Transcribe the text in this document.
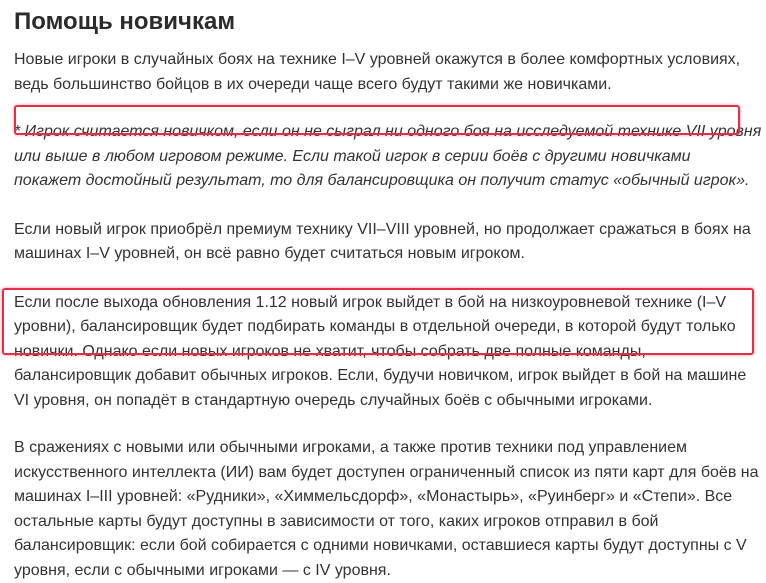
Помощь новичкам

Новые игроки в случайных боях на технике I–V уровней окажутся в более комфортных условиях, ведь большинство бойцов в их очереди чаще всего будут такими же новичками.

* Игрок считается новичком, если он не сыграл ни одного боя на исследуемой технике VII уровня или выше в любом игровом режиме. Если такой игрок в серии боёв с другими новичками покажет достойный результат, то для балансировщика он получит статус «обычный игрок».

Если новый игрок приобрёл премиум технику VII–VIII уровней, но продолжает сражаться в боях на машинах I–V уровней, он всё равно будет считаться новым игроком.

Если после выхода обновления 1.12 новый игрок выйдет в бой на низкоуровневой технике (I–V уровни), балансировщик будет подбирать команды в отдельной очереди, в которой будут только новички. Однако если новых игроков не хватит, чтобы собрать две полные команды, балансировщик добавит обычных игроков. Если, будучи новичком, игрок выйдет в бой на машине VI уровня, он попадёт в стандартную очередь случайных боёв с обычными игроками.

В сражениях с новыми или обычными игроками, а также против техники под управлением искусственного интеллекта (ИИ) вам будет доступен ограниченный список из пяти карт для боёв на машинах I–III уровней: «Рудники», «Химмельсдорф», «Монастырь», «Руинберг» и «Степи». Все остальные карты будут доступны в зависимости от того, каких игроков отправил в бой балансировщик: если бой собирается с одними новичками, оставшиеся карты будут доступны с V уровня, если с обычными игроками — с IV уровня.
